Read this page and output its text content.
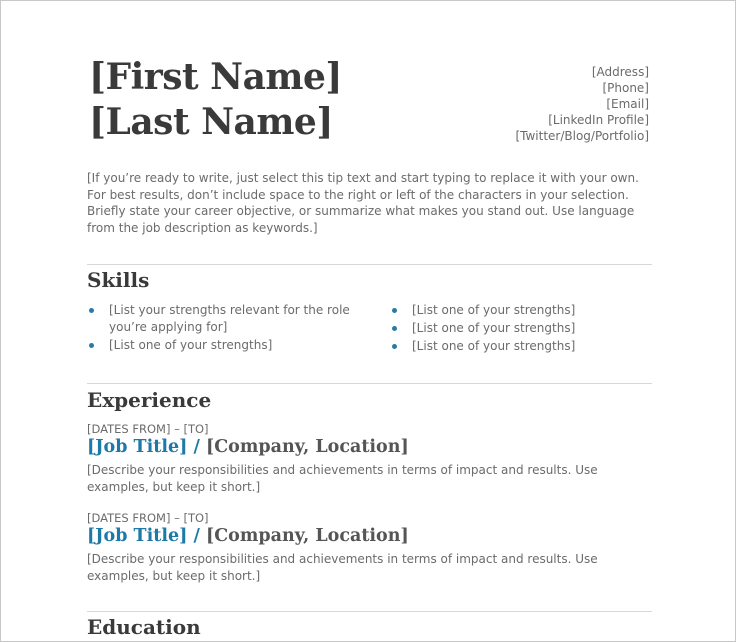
[First Name]
[Last Name]
[Address]
[Phone]
[Email]
[LinkedIn Profile]
[Twitter/Blog/Portfolio]
[If you’re ready to write, just select this tip text and start typing to replace it with your own. For best results, don’t include space to the right or left of the characters in your selection. Briefly state your career objective, or summarize what makes you stand out. Use language from the job description as keywords.]
Skills
[List your strengths relevant for the role you’re applying for]
[List one of your strengths]
[List one of your strengths]
[List one of your strengths]
[List one of your strengths]
Experience
[DATES FROM] – [TO]
[Job Title] / [Company, Location]
[Describe your responsibilities and achievements in terms of impact and results. Use examples, but keep it short.]
[DATES FROM] – [TO]
[Job Title] / [Company, Location]
[Describe your responsibilities and achievements in terms of impact and results. Use examples, but keep it short.]
Education
